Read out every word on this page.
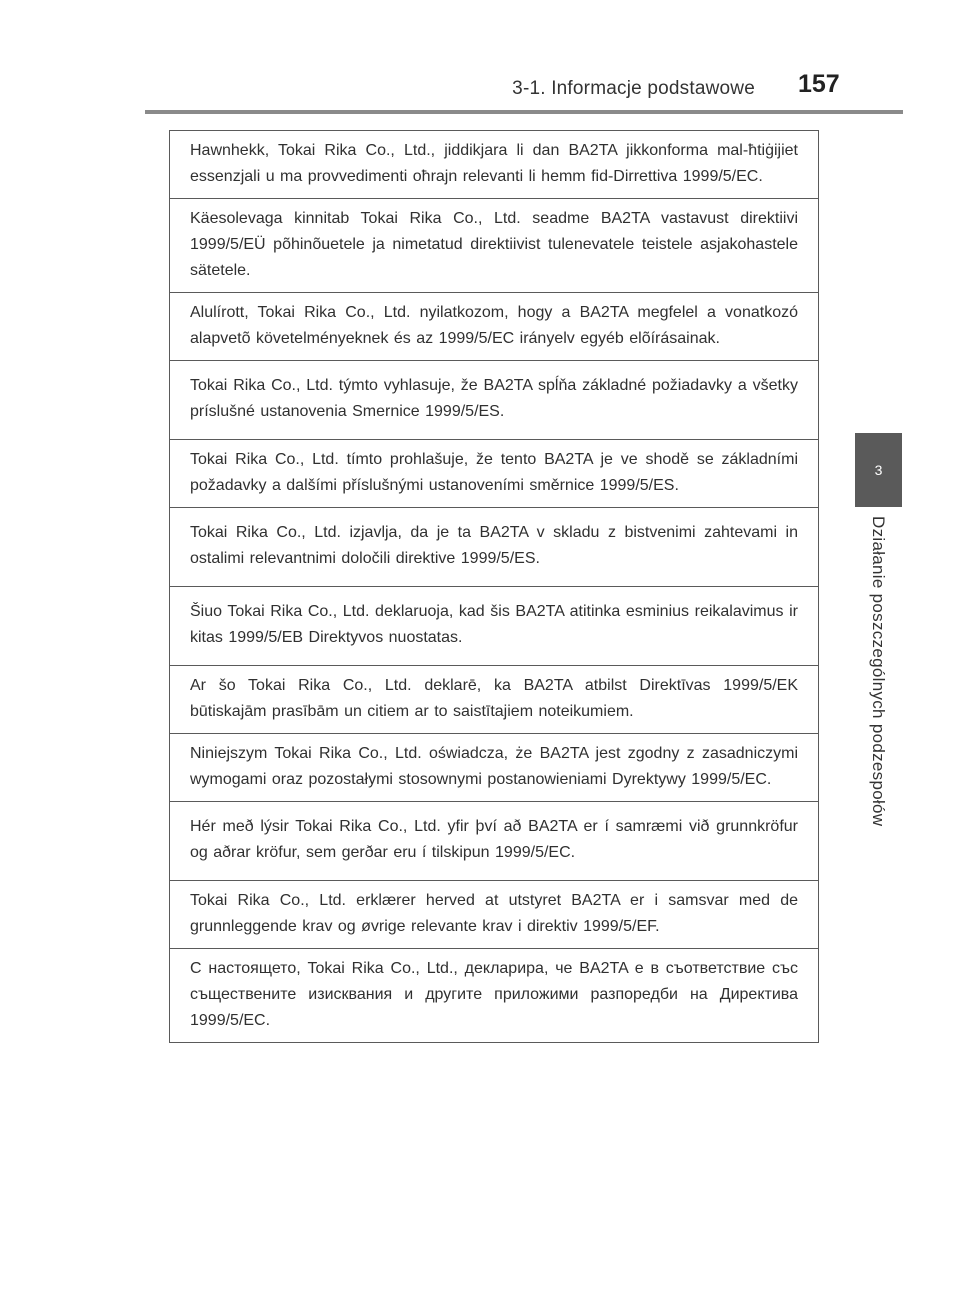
3-1. Informacje podstawowe 157
3
Działanie poszczególnych podzespołów
Hawnhekk, Tokai Rika Co., Ltd., jiddikjara li dan BA2TA jikkonforma mal-ħtiġijiet essenzjali u ma provvedimenti oħrajn relevanti li hemm fid-Dirrettiva 1999/5/EC.
Käesolevaga kinnitab Tokai Rika Co., Ltd. seadme BA2TA vastavust direktiivi 1999/5/EÜ põhinõuetele ja nimetatud direktiivist tulenevatele teistele asjakohastele sätetele.
Alulírott, Tokai Rika Co., Ltd. nyilatkozom, hogy a BA2TA megfelel a vonatkozó alapvetõ követelményeknek és az 1999/5/EC irányelv egyéb elõírásainak.
Tokai Rika Co., Ltd. týmto vyhlasuje, že BA2TA spĺňa základné požiadavky a všetky príslušné ustanovenia Smernice 1999/5/ES.
Tokai Rika Co., Ltd. tímto prohlašuje, že tento BA2TA je ve shodě se základními požadavky a dalšími příslušnými ustanoveními směrnice 1999/5/ES.
Tokai Rika Co., Ltd. izjavlja, da je ta BA2TA v skladu z bistvenimi zahtevami in ostalimi relevantnimi določili direktive 1999/5/ES.
Šiuo Tokai Rika Co., Ltd. deklaruoja, kad šis BA2TA atitinka esminius reikalavimus ir kitas 1999/5/EB Direktyvos nuostatas.
Ar šo Tokai Rika Co., Ltd. deklarē, ka BA2TA atbilst Direktīvas 1999/5/EK būtiskajām prasībām un citiem ar to saistītajiem noteikumiem.
Niniejszym Tokai Rika Co., Ltd. oświadcza, że BA2TA jest zgodny z zasadniczymi wymogami oraz pozostałymi stosownymi postanowieniami Dyrektywy 1999/5/EC.
Hér með lýsir Tokai Rika Co., Ltd. yfir því að BA2TA er í samræmi við grunnkröfur og aðrar kröfur, sem gerðar eru í tilskipun 1999/5/EC.
Tokai Rika Co., Ltd. erklærer herved at utstyret BA2TA er i samsvar med de grunnleggende krav og øvrige relevante krav i direktiv 1999/5/EF.
С настоящето, Tokai Rika Co., Ltd., декларира, че BA2TA е в съответствие със съществените изисквания и другите приложими разпоредби на Директива 1999/5/EC.
